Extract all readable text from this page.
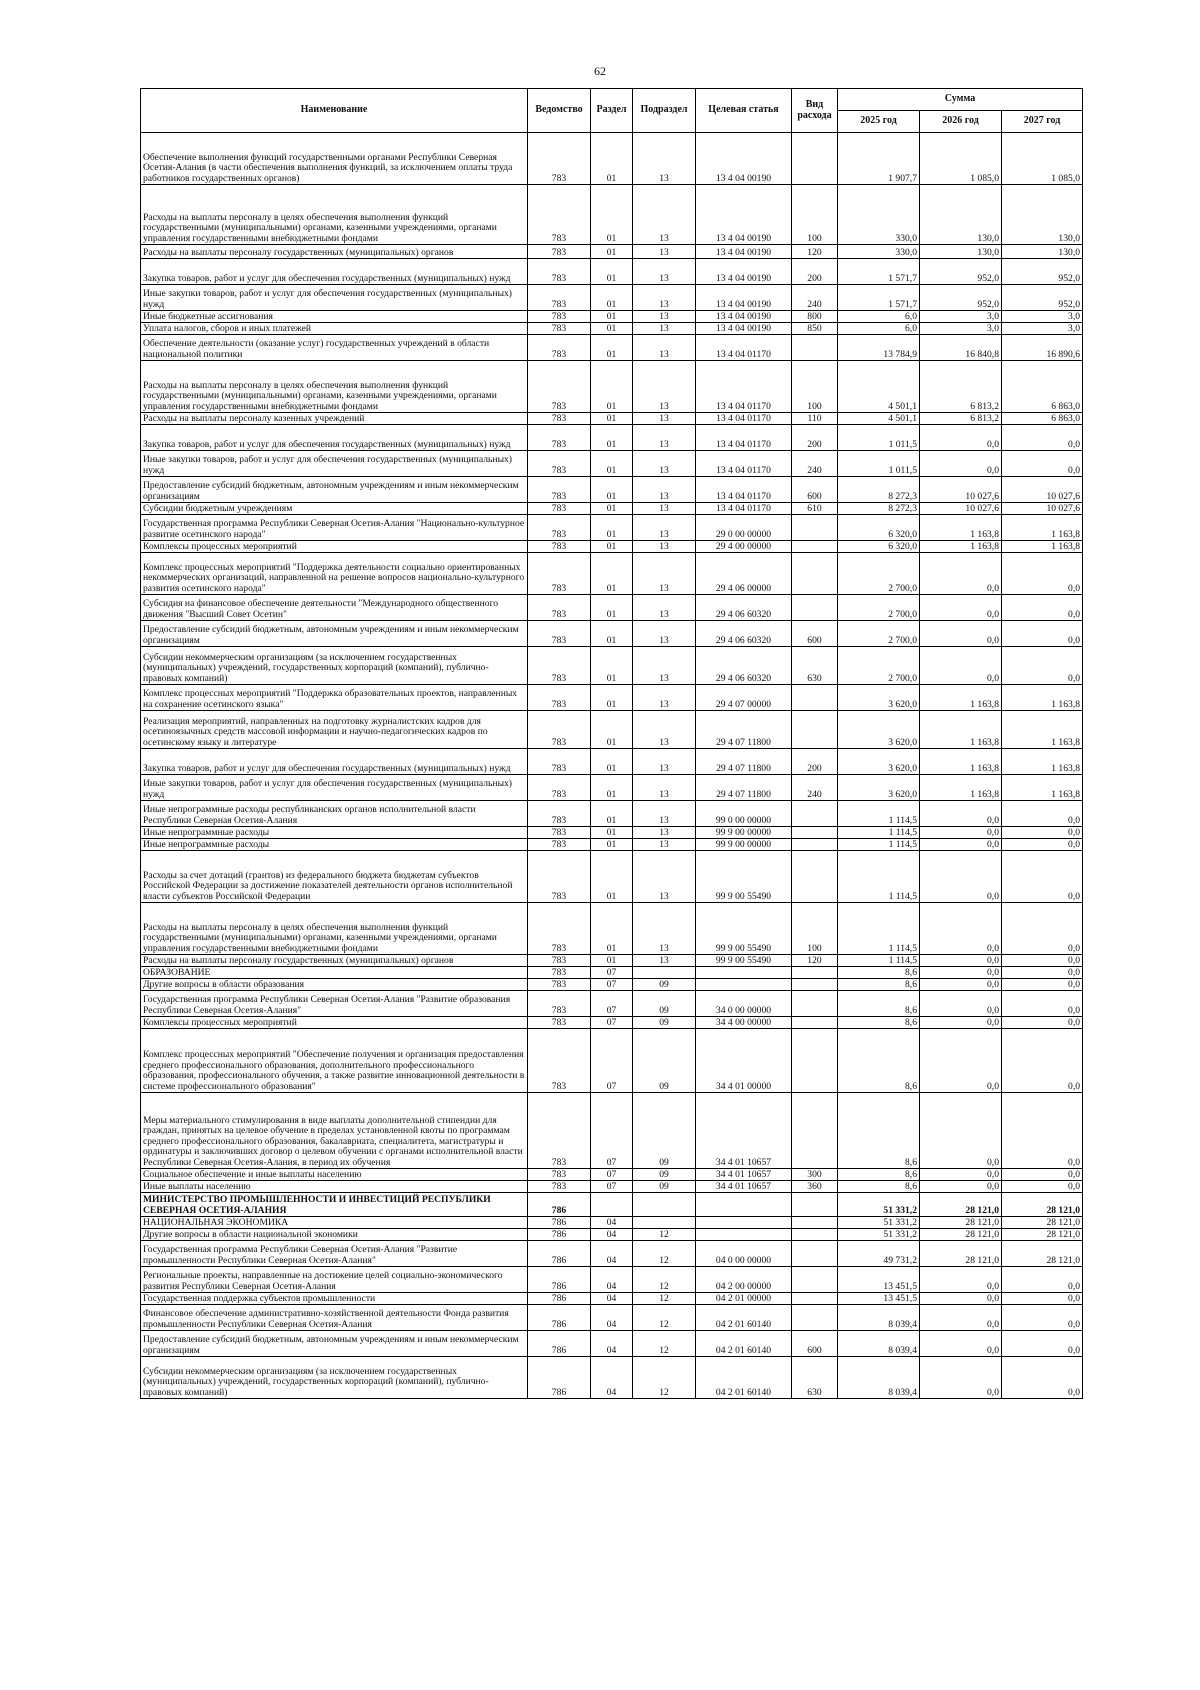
62
Наименование	Ведомство	Раздел	Подраздел	Целевая статья	Вид расхода	Сумма		
						2025 год	2026 год	2027 год
Обеспечение выполнения функций государственными органами Республики Северная Осетия-Алания (в части обеспечения выполнения функций, за исключением оплаты труда работников государственных органов)	783	01	13	13 4 04 00190		1 907,7	1 085,0	1 085,0
Расходы на выплаты персоналу в целях обеспечения выполнения функций государственными (муниципальными) органами, казенными учреждениями, органами управления государственными внебюджетными фондами	783	01	13	13 4 04 00190	100	330,0	130,0	130,0
Расходы на выплаты персоналу государственных (муниципальных) органов	783	01	13	13 4 04 00190	120	330,0	130,0	130,0
Закупка товаров, работ и услуг для обеспечения государственных (муниципальных) нужд	783	01	13	13 4 04 00190	200	1 571,7	952,0	952,0
Иные закупки товаров, работ и услуг для обеспечения государственных (муниципальных) нужд	783	01	13	13 4 04 00190	240	1 571,7	952,0	952,0
Иные бюджетные ассигнования	783	01	13	13 4 04 00190	800	6,0	3,0	3,0
Уплата налогов, сборов и иных платежей	783	01	13	13 4 04 00190	850	6,0	3,0	3,0
Обеспечение деятельности (оказание услуг) государственных учреждений в области национальной политики	783	01	13	13 4 04 01170		13 784,9	16 840,8	16 890,6
Расходы на выплаты персоналу в целях обеспечения выполнения функций государственными (муниципальными) органами, казенными учреждениями, органами управления государственными внебюджетными фондами	783	01	13	13 4 04 01170	100	4 501,1	6 813,2	6 863,0
Расходы на выплаты персоналу казенных учреждений	783	01	13	13 4 04 01170	110	4 501,1	6 813,2	6 863,0
Закупка товаров, работ и услуг для обеспечения государственных (муниципальных) нужд	783	01	13	13 4 04 01170	200	1 011,5	0,0	0,0
Иные закупки товаров, работ и услуг для обеспечения государственных (муниципальных) нужд	783	01	13	13 4 04 01170	240	1 011,5	0,0	0,0
Предоставление субсидий бюджетным, автономным учреждениям и иным некоммерческим организациям	783	01	13	13 4 04 01170	600	8 272,3	10 027,6	10 027,6
Субсидии бюджетным учреждениям	783	01	13	13 4 04 01170	610	8 272,3	10 027,6	10 027,6
Государственная программа Республики Северная Осетия-Алания "Национально-культурное развитие осетинского народа"	783	01	13	29 0 00 00000		6 320,0	1 163,8	1 163,8
Комплексы процессных мероприятий	783	01	13	29 4 00 00000		6 320,0	1 163,8	1 163,8
Комплекс процессных мероприятий "Поддержка деятельности социально ориентированных некоммерческих организаций, направленной на решение вопросов национально-культурного развития осетинского народа"	783	01	13	29 4 06 00000		2 700,0	0,0	0,0
Субсидия на финансовое обеспечение деятельности "Международного общественного движения "Высший Совет Осетин"	783	01	13	29 4 06 60320		2 700,0	0,0	0,0
Предоставление субсидий бюджетным, автономным учреждениям и иным некоммерческим организациям	783	01	13	29 4 06 60320	600	2 700,0	0,0	0,0
Субсидии некоммерческим организациям (за исключением государственных (муниципальных) учреждений, государственных корпораций (компаний), публично-правовых компаний)	783	01	13	29 4 06 60320	630	2 700,0	0,0	0,0
Комплекс процессных мероприятий "Поддержка образовательных проектов, направленных на сохранение осетинского языка"	783	01	13	29 4 07 00000		3 620,0	1 163,8	1 163,8
Реализация мероприятий, направленных на подготовку журналистских кадров для осетиноязычных средств массовой информации и научно-педагогических кадров по осетинскому языку и литературе	783	01	13	29 4 07 11800		3 620,0	1 163,8	1 163,8
Закупка товаров, работ и услуг для обеспечения государственных (муниципальных) нужд	783	01	13	29 4 07 11800	200	3 620,0	1 163,8	1 163,8
Иные закупки товаров, работ и услуг для обеспечения государственных (муниципальных) нужд	783	01	13	29 4 07 11800	240	3 620,0	1 163,8	1 163,8
Иные непрограммные расходы республиканских органов исполнительной власти Республики Северная Осетия-Алания	783	01	13	99 0 00 00000		1 114,5	0,0	0,0
Иные непрограммные расходы	783	01	13	99 9 00 00000		1 114,5	0,0	0,0
Иные непрограммные расходы	783	01	13	99 9 00 00000		1 114,5	0,0	0,0
Расходы за счет дотаций (грантов) из федерального бюджета бюджетам субъектов Российской Федерации за достижение показателей деятельности органов исполнительной власти субъектов Российской Федерации	783	01	13	99 9 00 55490		1 114,5	0,0	0,0
Расходы на выплаты персоналу в целях обеспечения выполнения функций государственными (муниципальными) органами, казенными учреждениями, органами управления государственными внебюджетными фондами	783	01	13	99 9 00 55490	100	1 114,5	0,0	0,0
Расходы на выплаты персоналу государственных (муниципальных) органов	783	01	13	99 9 00 55490	120	1 114,5	0,0	0,0
ОБРАЗОВАНИЕ	783	07				8,6	0,0	0,0
Другие вопросы в области образования	783	07	09			8,6	0,0	0,0
Государственная программа Республики Северная Осетия-Алания "Развитие образования Республики Северная Осетия-Алания"	783	07	09	34 0 00 00000		8,6	0,0	0,0
Комплексы процессных мероприятий	783	07	09	34 4 00 00000		8,6	0,0	0,0
Комплекс процессных мероприятий "Обеспечение получения и организация предоставления среднего профессионального образования, дополнительного профессионального образования, профессионального обучения, а также развитие инновационной деятельности в системе профессионального образования"	783	07	09	34 4 01 00000		8,6	0,0	0,0
Меры материального стимулирования в виде выплаты дополнительной стипендии для граждан, принятых на целевое обучение в пределах установленной квоты по программам среднего профессионального образования, бакалавриата, специалитета, магистратуры и ординатуры и заключивших договор о целевом обучении с органами исполнительной власти Республики Северная Осетия-Алания, в период их обучения	783	07	09	34 4 01 10657		8,6	0,0	0,0
Социальное обеспечение и иные выплаты населению	783	07	09	34 4 01 10657	300	8,6	0,0	0,0
Иные выплаты населению	783	07	09	34 4 01 10657	360	8,6	0,0	0,0
МИНИСТЕРСТВО ПРОМЫШЛЕННОСТИ И ИНВЕСТИЦИЙ РЕСПУБЛИКИ СЕВЕРНАЯ ОСЕТИЯ-АЛАНИЯ	786					51 331,2	28 121,0	28 121,0
НАЦИОНАЛЬНАЯ ЭКОНОМИКА	786	04				51 331,2	28 121,0	28 121,0
Другие вопросы в области национальной экономики	786	04	12			51 331,2	28 121,0	28 121,0
Государственная программа Республики Северная Осетия-Алания "Развитие промышленности Республики Северная Осетия-Алания"	786	04	12	04 0 00 00000		49 731,2	28 121,0	28 121,0
Региональные проекты, направленные на достижение целей социально-экономического развития Республики Северная Осетия-Алания	786	04	12	04 2 00 00000		13 451,5	0,0	0,0
Государственная поддержка субъектов промышленности	786	04	12	04 2 01 00000		13 451,5	0,0	0,0
Финансовое обеспечение административно-хозяйственной деятельности Фонда развития промышленности Республики Северная Осетия-Алания	786	04	12	04 2 01 60140		8 039,4	0,0	0,0
Предоставление субсидий бюджетным, автономным учреждениям и иным некоммерческим организациям	786	04	12	04 2 01 60140	600	8 039,4	0,0	0,0
Субсидии некоммерческим организациям (за исключением государственных (муниципальных) учреждений, государственных корпораций (компаний), публично-правовых компаний)	786	04	12	04 2 01 60140	630	8 039,4	0,0	0,0
